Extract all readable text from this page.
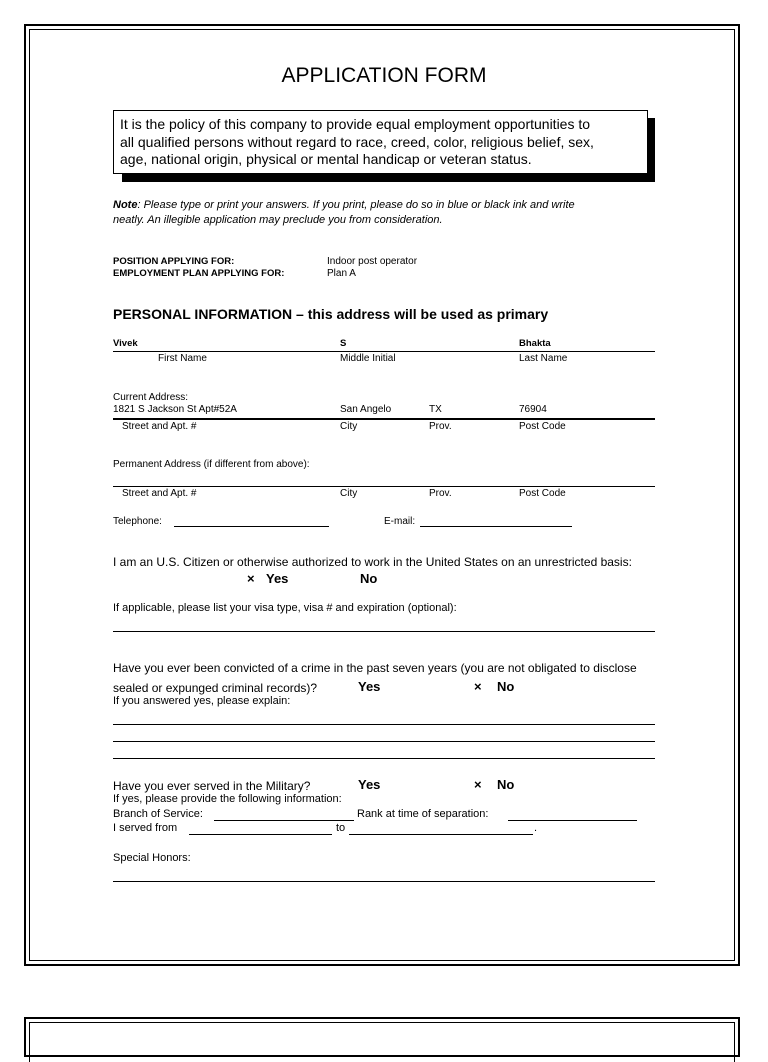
APPLICATION FORM
It is the policy of this company to provide equal employment opportunities to
all qualified persons without regard to race, creed, color, religious belief, sex,
age, national origin, physical or mental handicap or veteran status.
Note: Please type or print your answers. If you print, please do so in blue or black ink and write
neatly. An illegible application may preclude you from consideration.
POSITION APPLYING FOR:	Indoor post operator
EMPLOYMENT PLAN APPLYING FOR:	Plan A
PERSONAL INFORMATION – this address will be used as primary
Vivek	S	Bhakta
First Name	Middle Initial	Last Name
Current Address:
1821 S Jackson St Apt#52A	San Angelo	TX	76904
Street and Apt. #	City	Prov.	Post Code
Permanent Address (if different from above):
Street and Apt. #	City	Prov.	Post Code
Telephone:	E-mail:
I am an U.S. Citizen or otherwise authorized to work in the United States on an unrestricted basis:
× Yes	No
If applicable, please list your visa type, visa # and expiration (optional):
Have you ever been convicted of a crime in the past seven years (you are not obligated to disclose
sealed or expunged criminal records)?	Yes	× No
If you answered yes, please explain:
Have you ever served in the Military?	Yes	× No
If yes, please provide the following information:
Branch of Service:	Rank at time of separation:
I served from	to	.
Special Honors:
